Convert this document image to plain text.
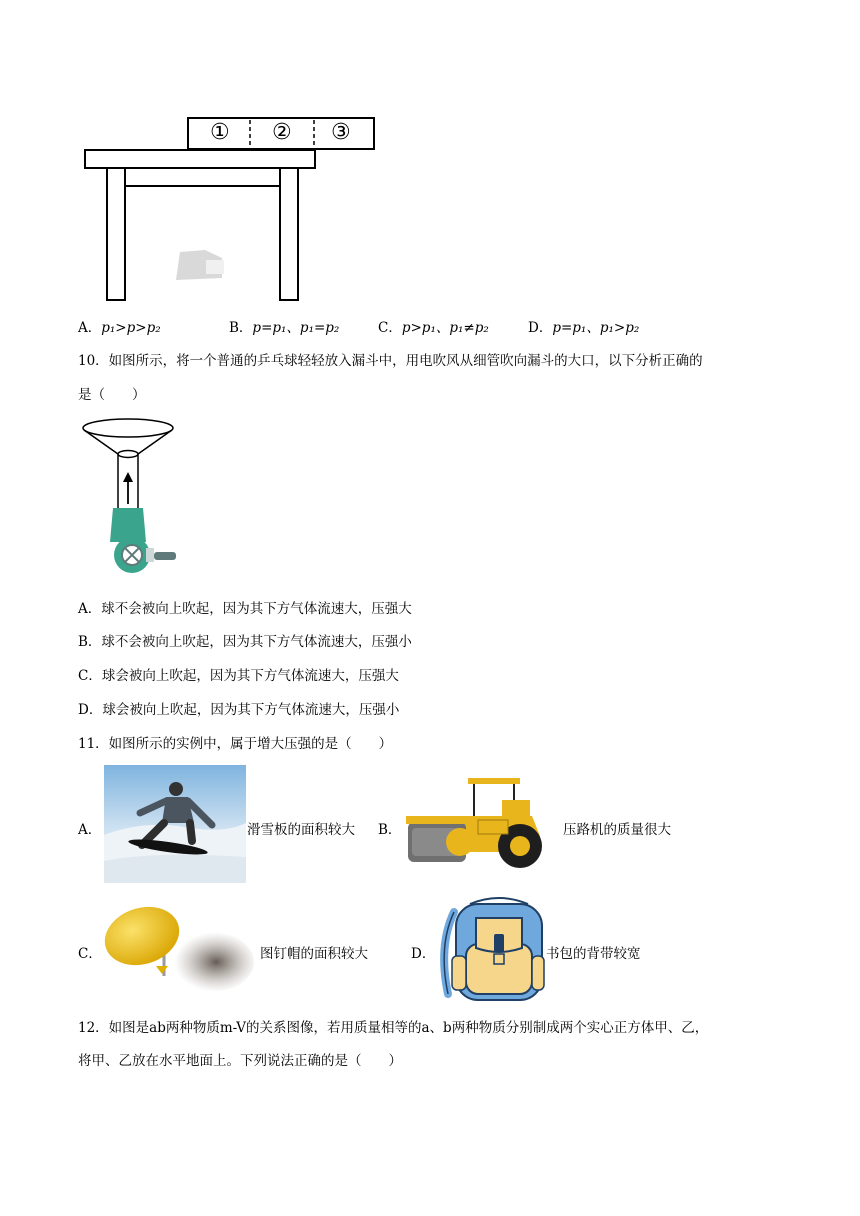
① ② ③
A．p₁>p>p₂	B．p=p₁、p₁=p₂	C．p>p₁、p₁≠p₂	D．p=p₁、p₁>p₂
10．如图所示，将一个普通的乒乓球轻轻放入漏斗中，用电吹风从细管吹向漏斗的大口，以下分析正确的
是（　　）
A．球不会被向上吹起，因为其下方气体流速大，压强大
B．球不会被向上吹起，因为其下方气体流速大，压强小
C．球会被向上吹起，因为其下方气体流速大，压强大
D．球会被向上吹起，因为其下方气体流速大，压强小
11．如图所示的实例中，属于增大压强的是（　　）
A．	滑雪板的面积较大 B．	压路机的质量很大
C．	图钉帽的面积较大	D．	书包的背带较宽
12．如图是ab两种物质m-V的关系图像，若用质量相等的a、b两种物质分别制成两个实心正方体甲、乙，
将甲、乙放在水平地面上。下列说法正确的是（　　）
